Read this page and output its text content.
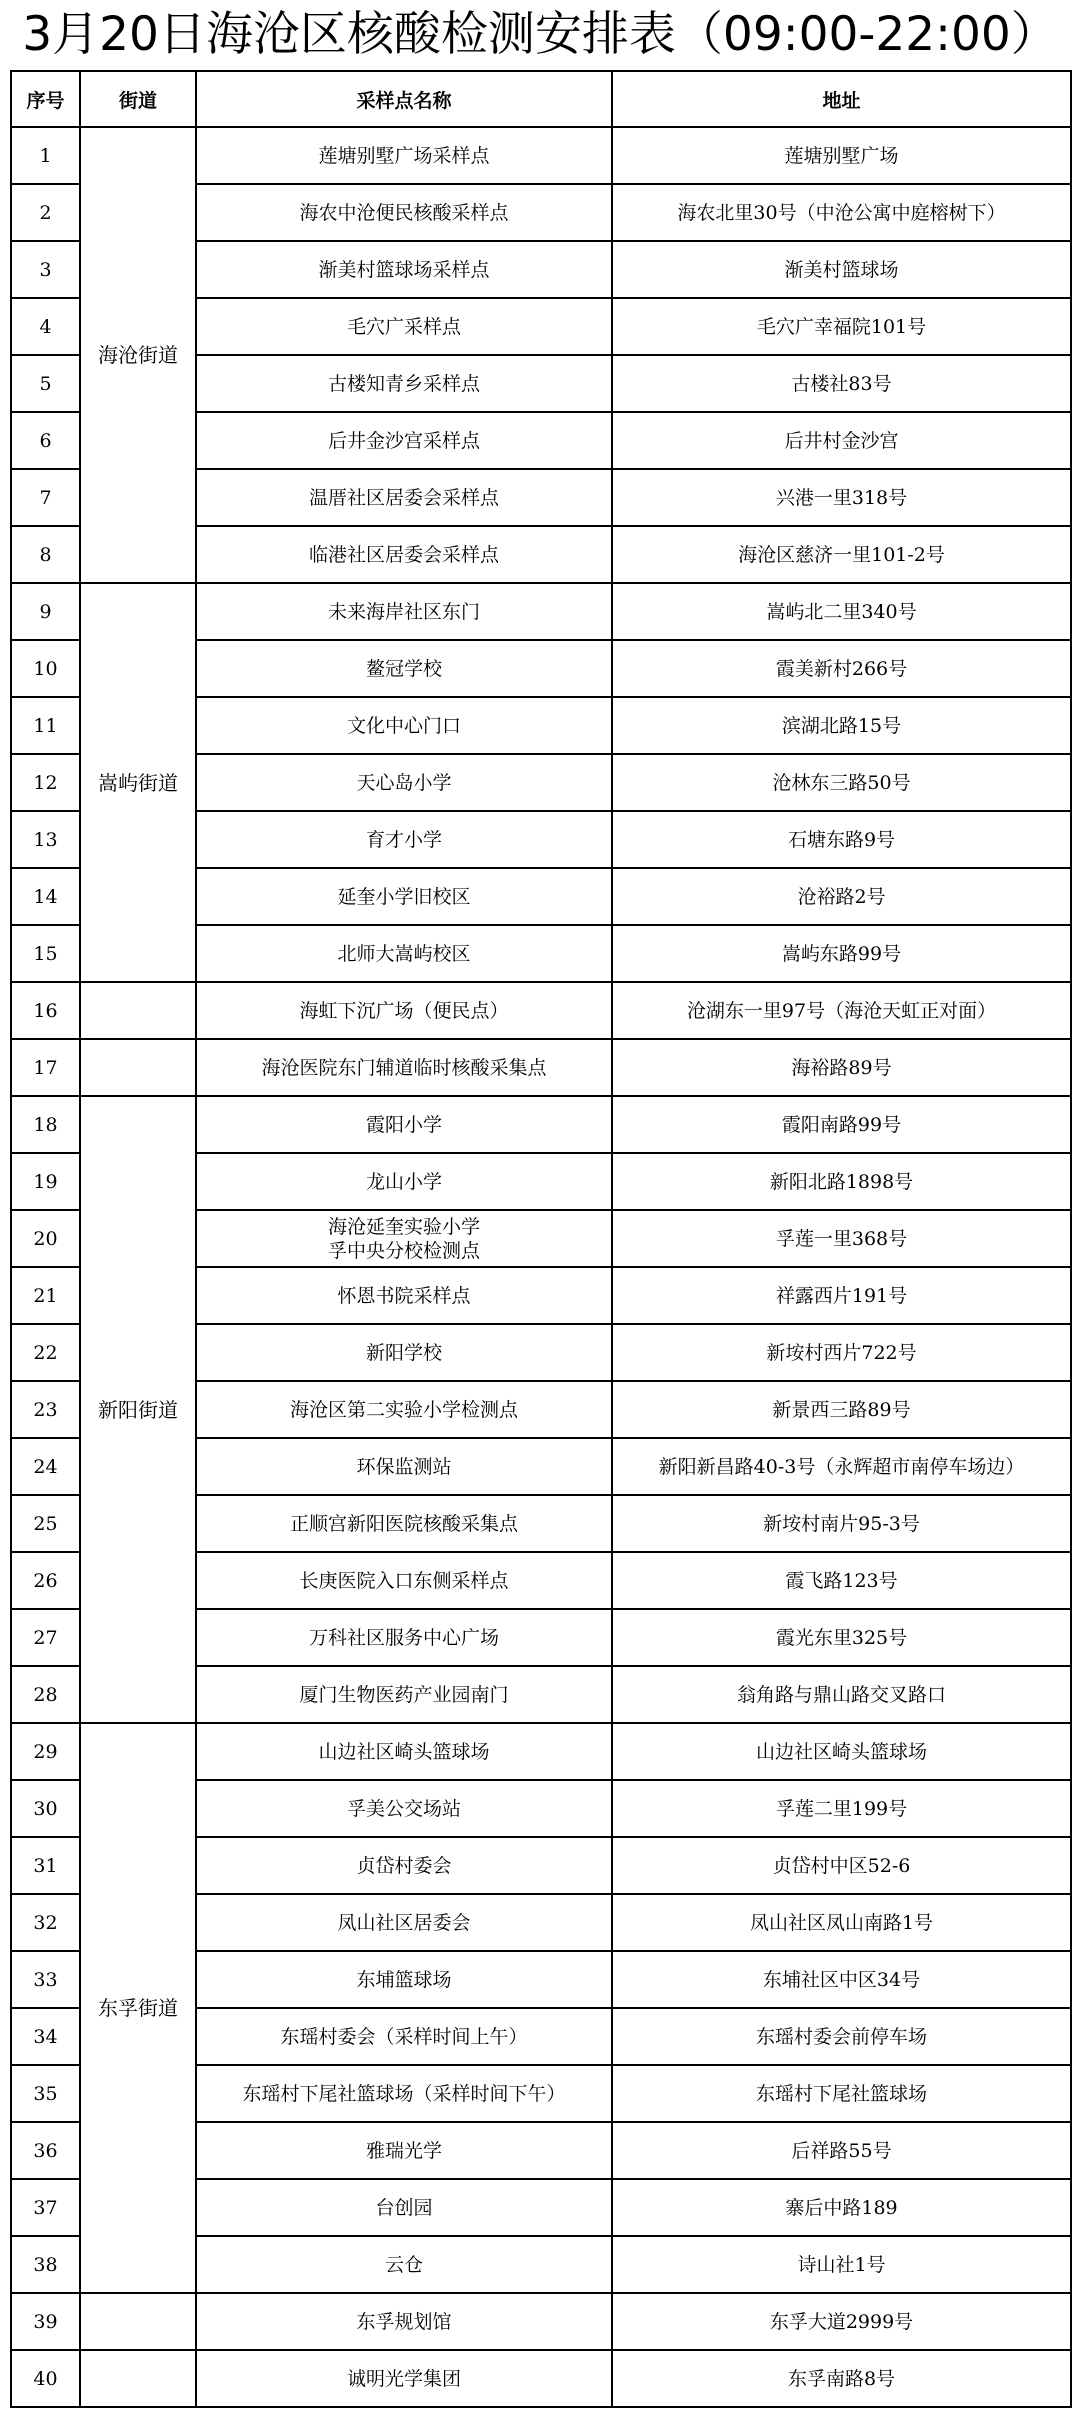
3月20日海沧区核酸检测安排表（09:00-22:00）
序号	街道	采样点名称	地址
1	海沧街道	莲塘别墅广场采样点	莲塘别墅广场
2		海农中沧便民核酸采样点	海农北里30号（中沧公寓中庭榕树下）
3		渐美村篮球场采样点	渐美村篮球场
4		毛穴广采样点	毛穴广幸福院101号
5		古楼知青乡采样点	古楼社83号
6		后井金沙宫采样点	后井村金沙宫
7		温厝社区居委会采样点	兴港一里318号
8		临港社区居委会采样点	海沧区慈济一里101-2号
9	嵩屿街道	未来海岸社区东门	嵩屿北二里340号
10		鳌冠学校	霞美新村266号
11		文化中心门口	滨湖北路15号
12		天心岛小学	沧林东三路50号
13		育才小学	石塘东路9号
14		延奎小学旧校区	沧裕路2号
15		北师大嵩屿校区	嵩屿东路99号
16		海虹下沉广场（便民点）	沧湖东一里97号（海沧天虹正对面）
17		海沧医院东门辅道临时核酸采集点	海裕路89号
18	新阳街道	霞阳小学	霞阳南路99号
19		龙山小学	新阳北路1898号
20		海沧延奎实验小学
孚中央分校检测点	孚莲一里368号
21		怀恩书院采样点	祥露西片191号
22		新阳学校	新垵村西片722号
23		海沧区第二实验小学检测点	新景西三路89号
24		环保监测站	新阳新昌路40-3号（永辉超市南停车场边）
25		正顺宫新阳医院核酸采集点	新垵村南片95-3号
26		长庚医院入口东侧采样点	霞飞路123号
27		万科社区服务中心广场	霞光东里325号
28		厦门生物医药产业园南门	翁角路与鼎山路交叉路口
29	东孚街道	山边社区崎头篮球场	山边社区崎头篮球场
30		孚美公交场站	孚莲二里199号
31		贞岱村委会	贞岱村中区52-6
32		凤山社区居委会	凤山社区凤山南路1号
33		东埔篮球场	东埔社区中区34号
34		东瑶村委会（采样时间上午）	东瑶村委会前停车场
35		东瑶村下尾社篮球场（采样时间下午）	东瑶村下尾社篮球场
36		雅瑞光学	后祥路55号
37		台创园	寨后中路189
38		云仓	诗山社1号
39		东孚规划馆	东孚大道2999号
40		诚明光学集团	东孚南路8号
